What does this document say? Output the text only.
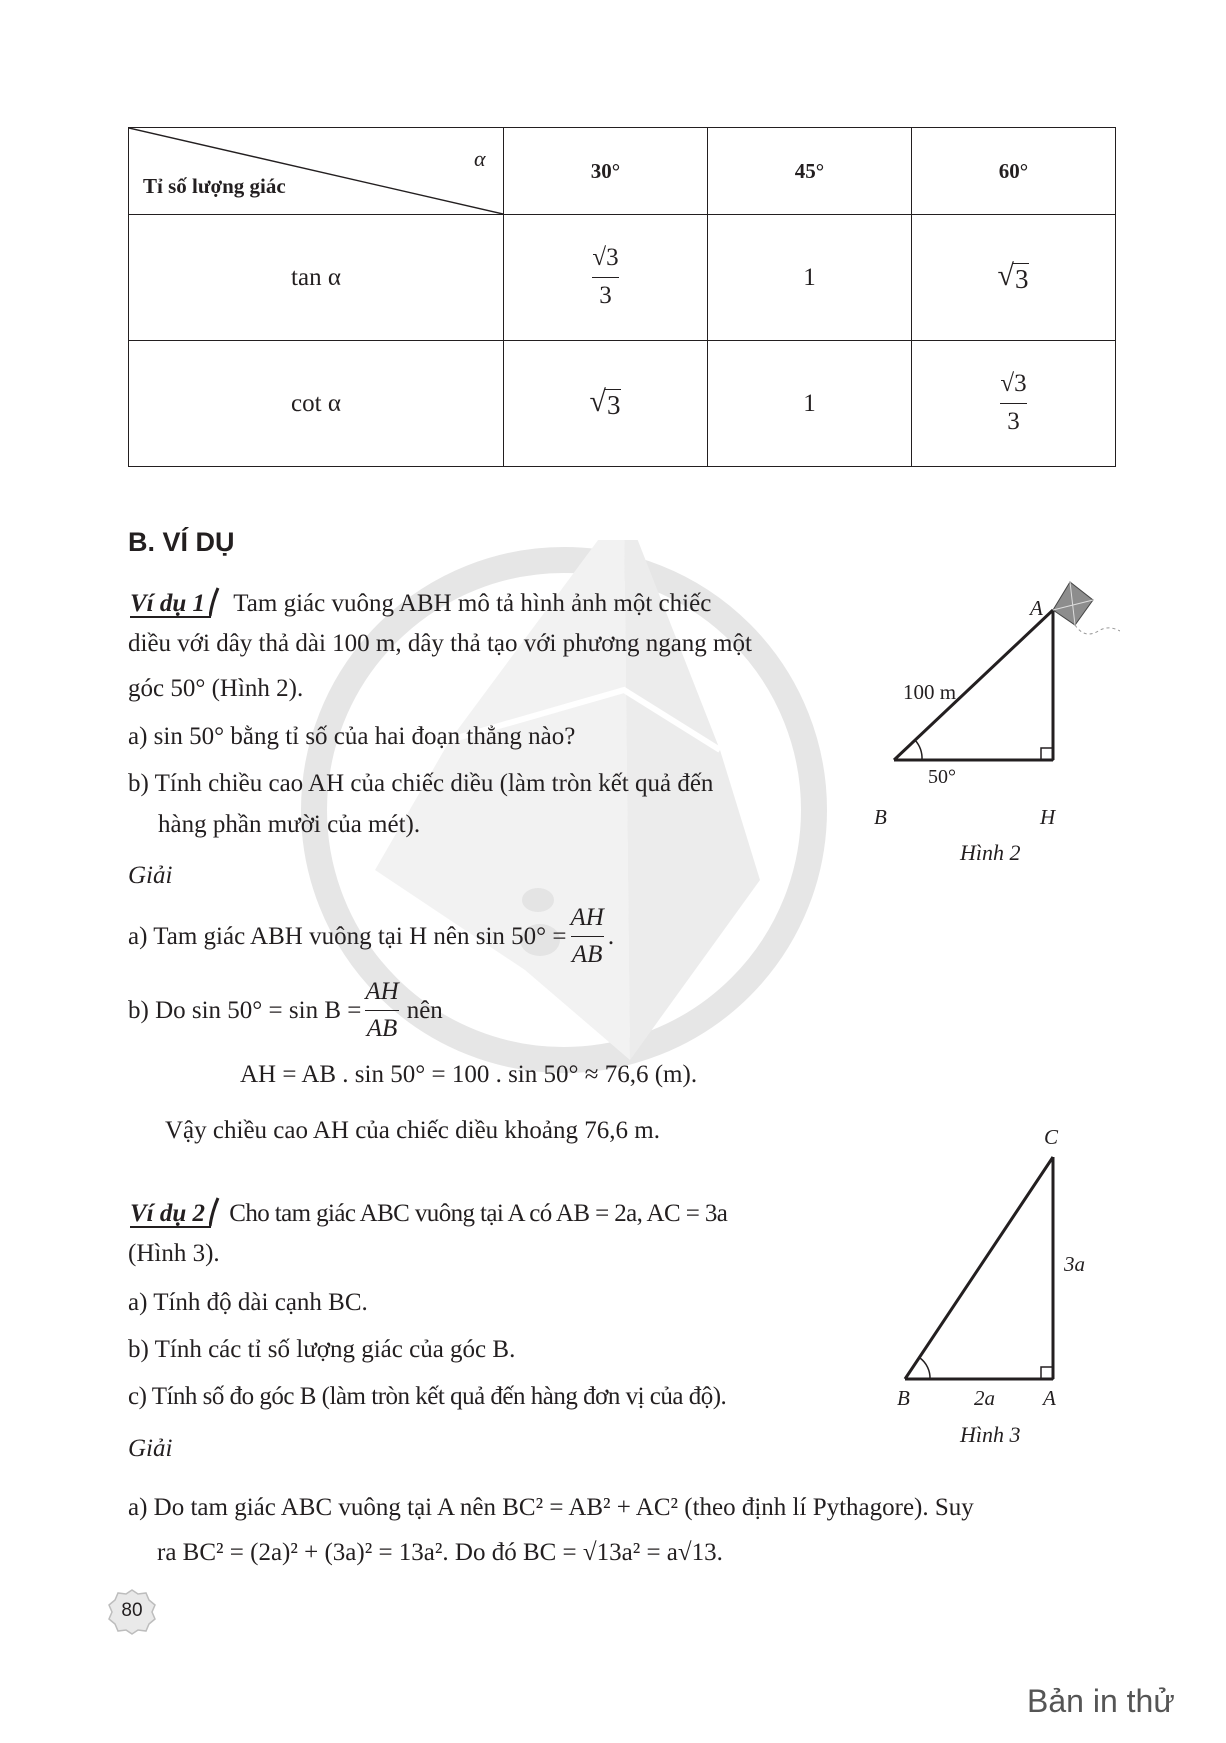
α
Tỉ số lượng giác	30°	45°	60°
tan α	$\frac{√3}{3}$	1	√ 3

cot α	√ 3	1	$\frac{√3}{3}$
B. VÍ DỤ
Ví dụ 1 Tam giác vuông ABH mô tả hình ảnh một chiếc
diều với dây thả dài 100 m, dây thả tạo với phương ngang một
góc 50° (Hình 2).
a) sin 50° bằng tỉ số của hai đoạn thẳng nào?
b) Tính chiều cao AH của chiếc diều (làm tròn kết quả đến
hàng phần mười của mét).
Giải
a) Tam giác ABH vuông tại H nên sin 50° =
AH
AB
.
b) Do sin 50° = sin B =
AH
AB
nên
AH = AB . sin 50° = 100 . sin 50° ≈ 76,6 (m).
Vậy chiều cao AH của chiếc diều khoảng 76,6 m.
A
B	H
100 m
50°
Hình 2
Ví dụ 2 Cho tam giác ABC vuông tại A có AB = 2a, AC = 3a
(Hình 3).
a) Tính độ dài cạnh BC.
b) Tính các tỉ số lượng giác của góc B.
c) Tính số đo góc B (làm tròn kết quả đến hàng đơn vị của độ).
Giải
a) Do tam giác ABC vuông tại A nên BC² = AB² + AC² (theo định lí Pythagore). Suy
ra BC² = (2a)² + (3a)² = 13a². Do đó BC = √13a² = a√13.
C
3a
B	2a A
Hình 3
80
Bản in thử
